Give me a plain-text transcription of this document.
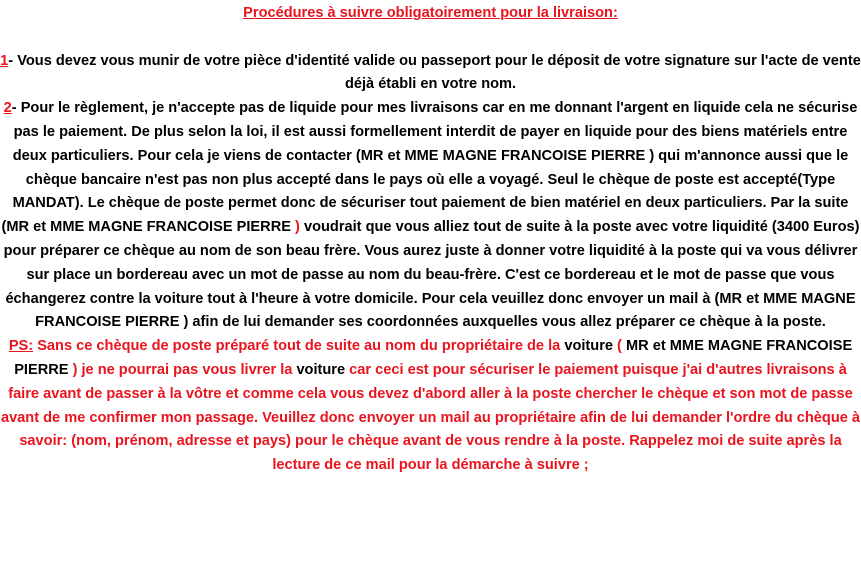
Procédures à suivre obligatoirement pour la livraison:

1- Vous devez vous munir de votre pièce d'identité valide ou passeport pour le déposit de votre signature sur l'acte de vente déjà établi en votre nom.

2- Pour le règlement, je n'accepte pas de liquide pour mes livraisons car en me donnant l'argent en liquide cela ne sécurise pas le paiement. De plus selon la loi, il est aussi formellement interdit de payer en liquide pour des biens matériels entre deux particuliers. Pour cela je viens de contacter (MR et MME MAGNE FRANCOISE PIERRE ) qui m'annonce aussi que le chèque bancaire n'est pas non plus accepté dans le pays où elle a voyagé. Seul le chèque de poste est accepté(Type MANDAT). Le chèque de poste permet donc de sécuriser tout paiement de bien matériel en deux particuliers. Par la suite (MR et MME MAGNE FRANCOISE PIERRE ) voudrait que vous alliez tout de suite à la poste avec votre liquidité (3400 Euros) pour préparer ce chèque au nom de son beau frère. Vous aurez juste à donner votre liquidité à la poste qui va vous délivrer sur place un bordereau avec un mot de passe au nom du beau-frère. C'est ce bordereau et le mot de passe que vous échangerez contre la voiture tout à l'heure à votre domicile. Pour cela veuillez donc envoyer un mail à (MR et MME MAGNE FRANCOISE PIERRE ) afin de lui demander ses coordonnées auxquelles vous allez préparer ce chèque à la poste.

PS: Sans ce chèque de poste préparé tout de suite au nom du propriétaire de la voiture ( MR et MME MAGNE FRANCOISE PIERRE ) je ne pourrai pas vous livrer la voiture car ceci est pour sécuriser le paiement puisque j'ai d'autres livraisons à faire avant de passer à la vôtre et comme cela vous devez d'abord aller à la poste chercher le chèque et son mot de passe avant de me confirmer mon passage. Veuillez donc envoyer un mail au propriétaire afin de lui demander l'ordre du chèque à savoir: (nom, prénom, adresse et pays) pour le chèque avant de vous rendre à la poste. Rappelez moi de suite après la lecture de ce mail pour la démarche à suivre ;
